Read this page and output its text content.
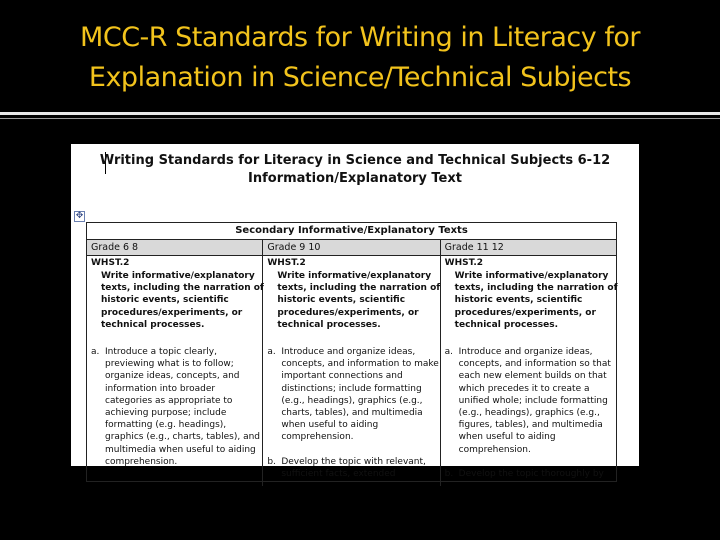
MCC-R Standards for Writing in Literacy for
Explanation in Science/Technical Subjects
Writing Standards for Literacy in Science and Technical Subjects 6-12
Information/Explanatory Text
✥
Secondary Informative/Explanatory Texts
Grade 6 8	Grade 9 10	Grade 11 12
WHST.2
Write informative/explanatory
texts, including the narration of
historic events, scientific
procedures/experiments, or
technical processes.
a. Introduce a topic clearly,
previewing what is to follow;
organize ideas, concepts, and
information into broader
categories as appropriate to
achieving purpose; include
formatting (e.g. headings),
graphics (e.g., charts, tables), and
multimedia when useful to aiding
comprehension.
WHST.2
Write informative/explanatory
texts, including the narration of
historic events, scientific
procedures/experiments, or
technical processes.
a. Introduce and organize ideas,
concepts, and information to make
important connections and
distinctions; include formatting
(e.g., headings), graphics (e.g.,
charts, tables), and multimedia
when useful to aiding
comprehension.
b. Develop the topic with relevant,
sufficient facts, extended
WHST.2
Write informative/explanatory
texts, including the narration of
historic events, scientific
procedures/experiments, or
technical processes.
a. Introduce and organize ideas,
concepts, and information so that
each new element builds on that
which precedes it to create a
unified whole; include formatting
(e.g., headings), graphics (e.g.,
figures, tables), and multimedia
when useful to aiding
comprehension.
b. Develop the topic thoroughly by
